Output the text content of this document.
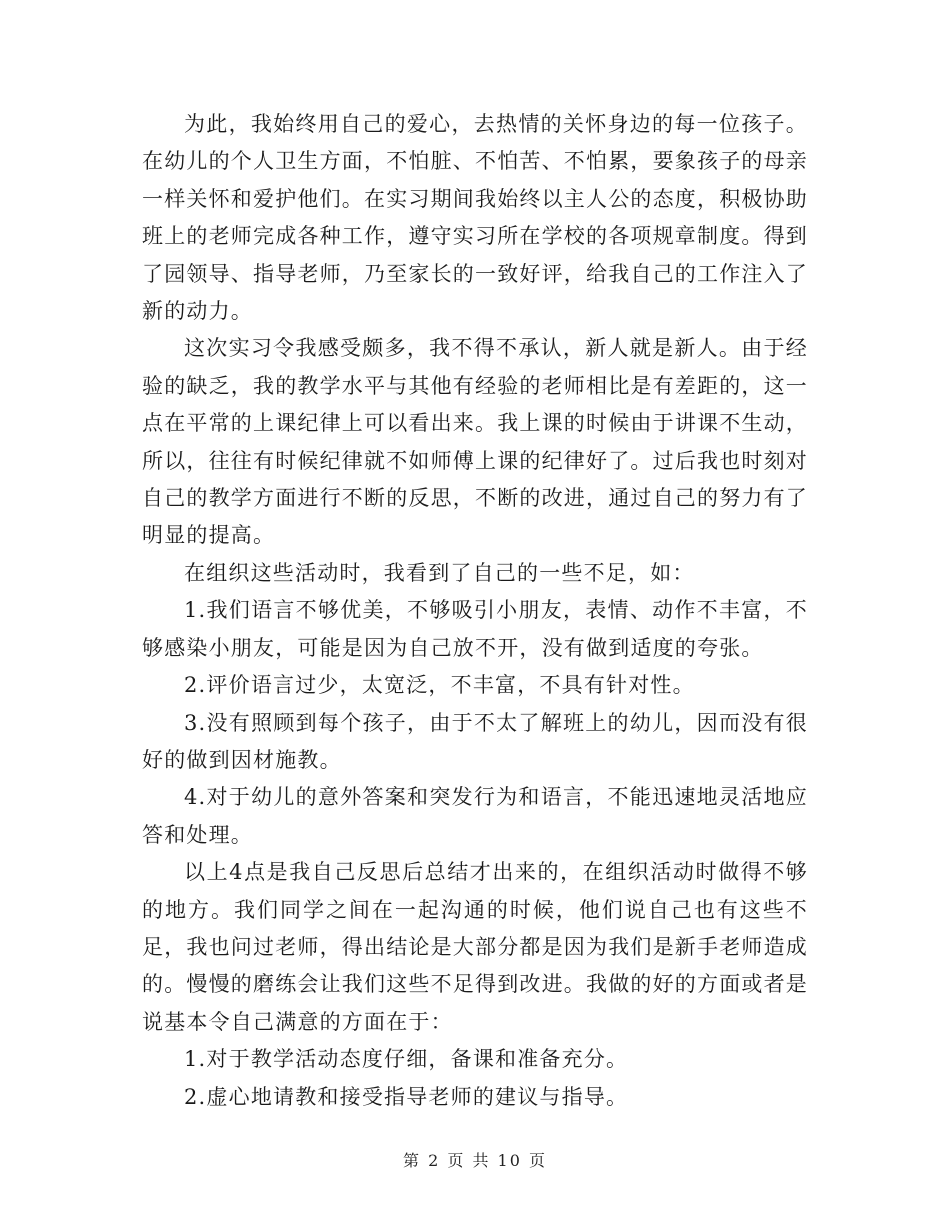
为此，我始终用自己的爱心，去热情的关怀身边的每一位孩子。在幼儿的个人卫生方面，不怕脏、不怕苦、不怕累，要象孩子的母亲一样关怀和爱护他们。在实习期间我始终以主人公的态度，积极协助班上的老师完成各种工作，遵守实习所在学校的各项规章制度。得到了园领导、指导老师，乃至家长的一致好评，给我自己的工作注入了新的动力。

这次实习令我感受颇多，我不得不承认，新人就是新人。由于经验的缺乏，我的教学水平与其他有经验的老师相比是有差距的，这一点在平常的上课纪律上可以看出来。我上课的时候由于讲课不生动，所以，往往有时候纪律就不如师傅上课的纪律好了。过后我也时刻对自己的教学方面进行不断的反思，不断的改进，通过自己的努力有了明显的提高。

在组织这些活动时，我看到了自己的一些不足，如：

1.我们语言不够优美，不够吸引小朋友，表情、动作不丰富，不够感染小朋友，可能是因为自己放不开，没有做到适度的夸张。

2.评价语言过少，太宽泛，不丰富，不具有针对性。

3.没有照顾到每个孩子，由于不太了解班上的幼儿，因而没有很好的做到因材施教。

4.对于幼儿的意外答案和突发行为和语言，不能迅速地灵活地应答和处理。

以上4点是我自己反思后总结才出来的，在组织活动时做得不够的地方。我们同学之间在一起沟通的时候，他们说自己也有这些不足，我也问过老师，得出结论是大部分都是因为我们是新手老师造成的。慢慢的磨练会让我们这些不足得到改进。我做的好的方面或者是说基本令自己满意的方面在于：

1.对于教学活动态度仔细，备课和准备充分。

2.虚心地请教和接受指导老师的建议与指导。

第 2 页 共 10 页
